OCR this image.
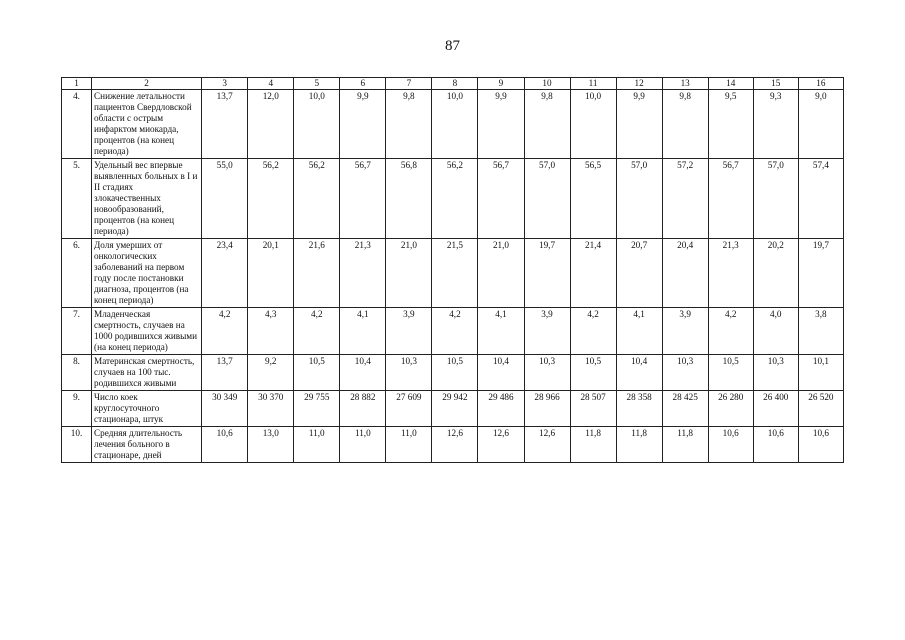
87
1	2	3	4	5	6	7	8	9	10	11	12	13	14	15	16
4.	Снижение летальности пациентов Свердловской области с острым инфарктом миокарда, процентов (на конец периода)	13,7	12,0	10,0	9,9	9,8	10,0	9,9	9,8	10,0	9,9	9,8	9,5	9,3	9,0
5.	Удельный вес впервые выявленных больных в I и II стадиях злокачественных новообразований, процентов (на конец периода)	55,0	56,2	56,2	56,7	56,8	56,2	56,7	57,0	56,5	57,0	57,2	56,7	57,0	57,4
6.	Доля умерших от онкологических заболеваний на первом году после постановки диагноза, процентов (на конец периода)	23,4	20,1	21,6	21,3	21,0	21,5	21,0	19,7	21,4	20,7	20,4	21,3	20,2	19,7
7.	Младенческая смертность, случаев на 1000 родившихся живыми (на конец периода)	4,2	4,3	4,2	4,1	3,9	4,2	4,1	3,9	4,2	4,1	3,9	4,2	4,0	3,8
8.	Материнская смертность, случаев на 100 тыс. родившихся живыми	13,7	9,2	10,5	10,4	10,3	10,5	10,4	10,3	10,5	10,4	10,3	10,5	10,3	10,1
9.	Число коек круглосуточного стационара, штук	30 349	30 370	29 755	28 882	27 609	29 942	29 486	28 966	28 507	28 358	28 425	26 280	26 400	26 520
10.	Средняя длительность лечения больного в стационаре, дней	10,6	13,0	11,0	11,0	11,0	12,6	12,6	12,6	11,8	11,8	11,8	10,6	10,6	10,6
